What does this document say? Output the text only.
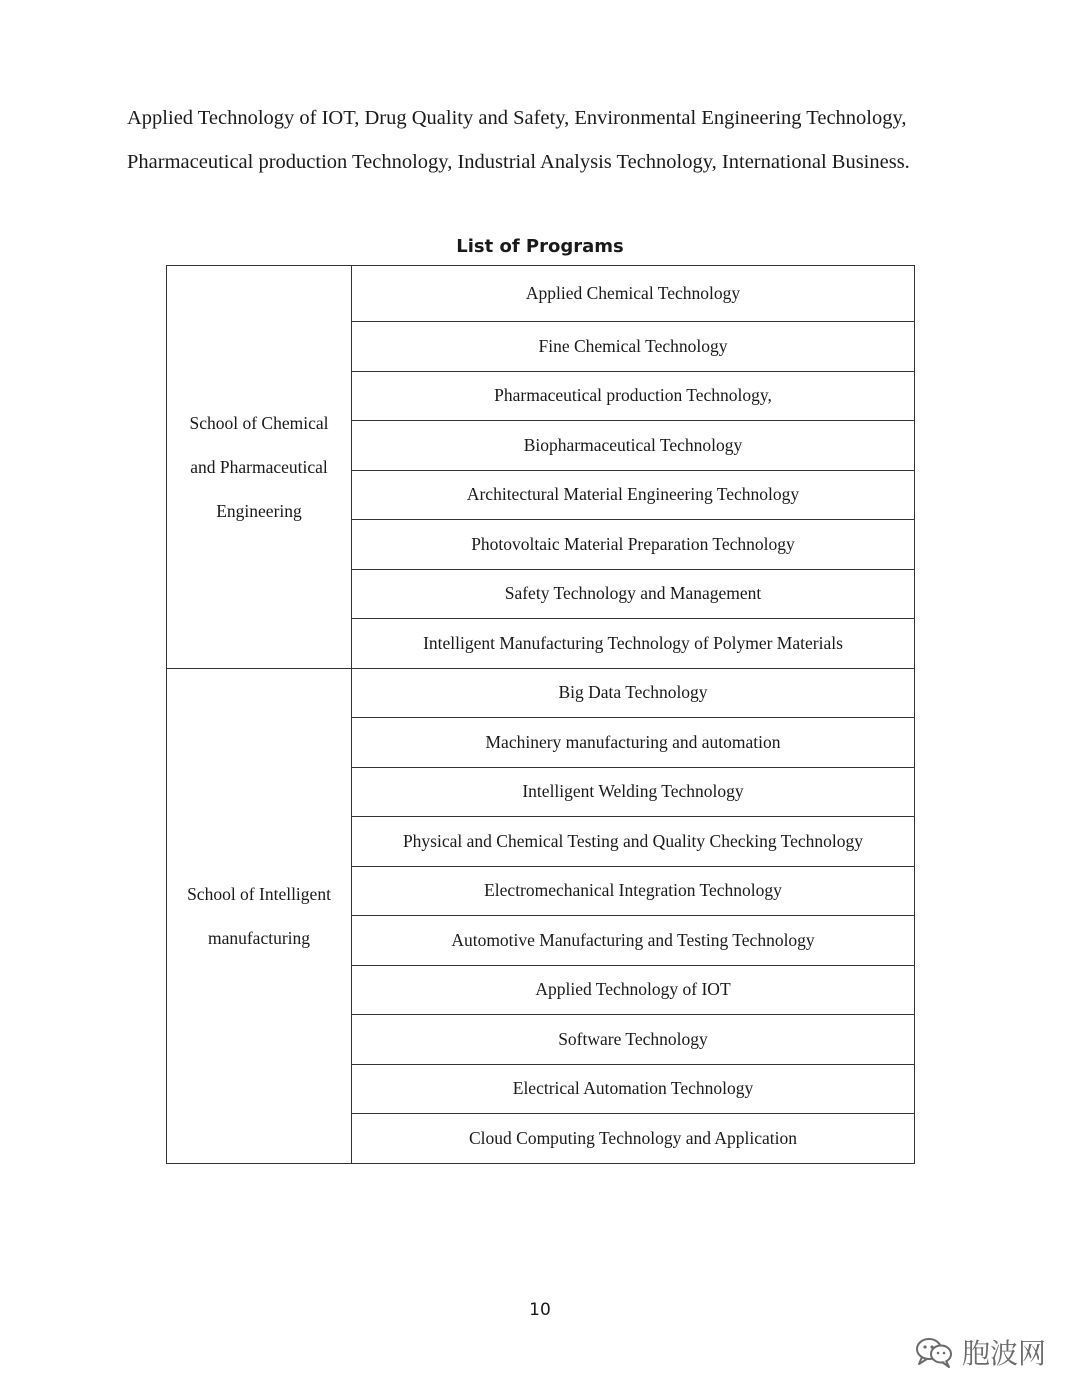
Applied Technology of IOT, Drug Quality and Safety, Environmental Engineering Technology,

Pharmaceutical production Technology, Industrial Analysis Technology, International Business.

List of Programs
School of Chemical
and Pharmaceutical
Engineering	Applied Chemical Technology
	Fine Chemical Technology
	Pharmaceutical production Technology,
	Biopharmaceutical Technology
	Architectural Material Engineering Technology
	Photovoltaic Material Preparation Technology
	Safety Technology and Management
	Intelligent Manufacturing Technology of Polymer Materials

School of Intelligent
manufacturing	Big Data Technology
	Machinery manufacturing and automation
	Intelligent Welding Technology
	Physical and Chemical Testing and Quality Checking Technology
	Electromechanical Integration Technology
	Automotive Manufacturing and Testing Technology
	Applied Technology of IOT
	Software Technology
	Electrical Automation Technology
	Cloud Computing Technology and Application
10
胞波网
